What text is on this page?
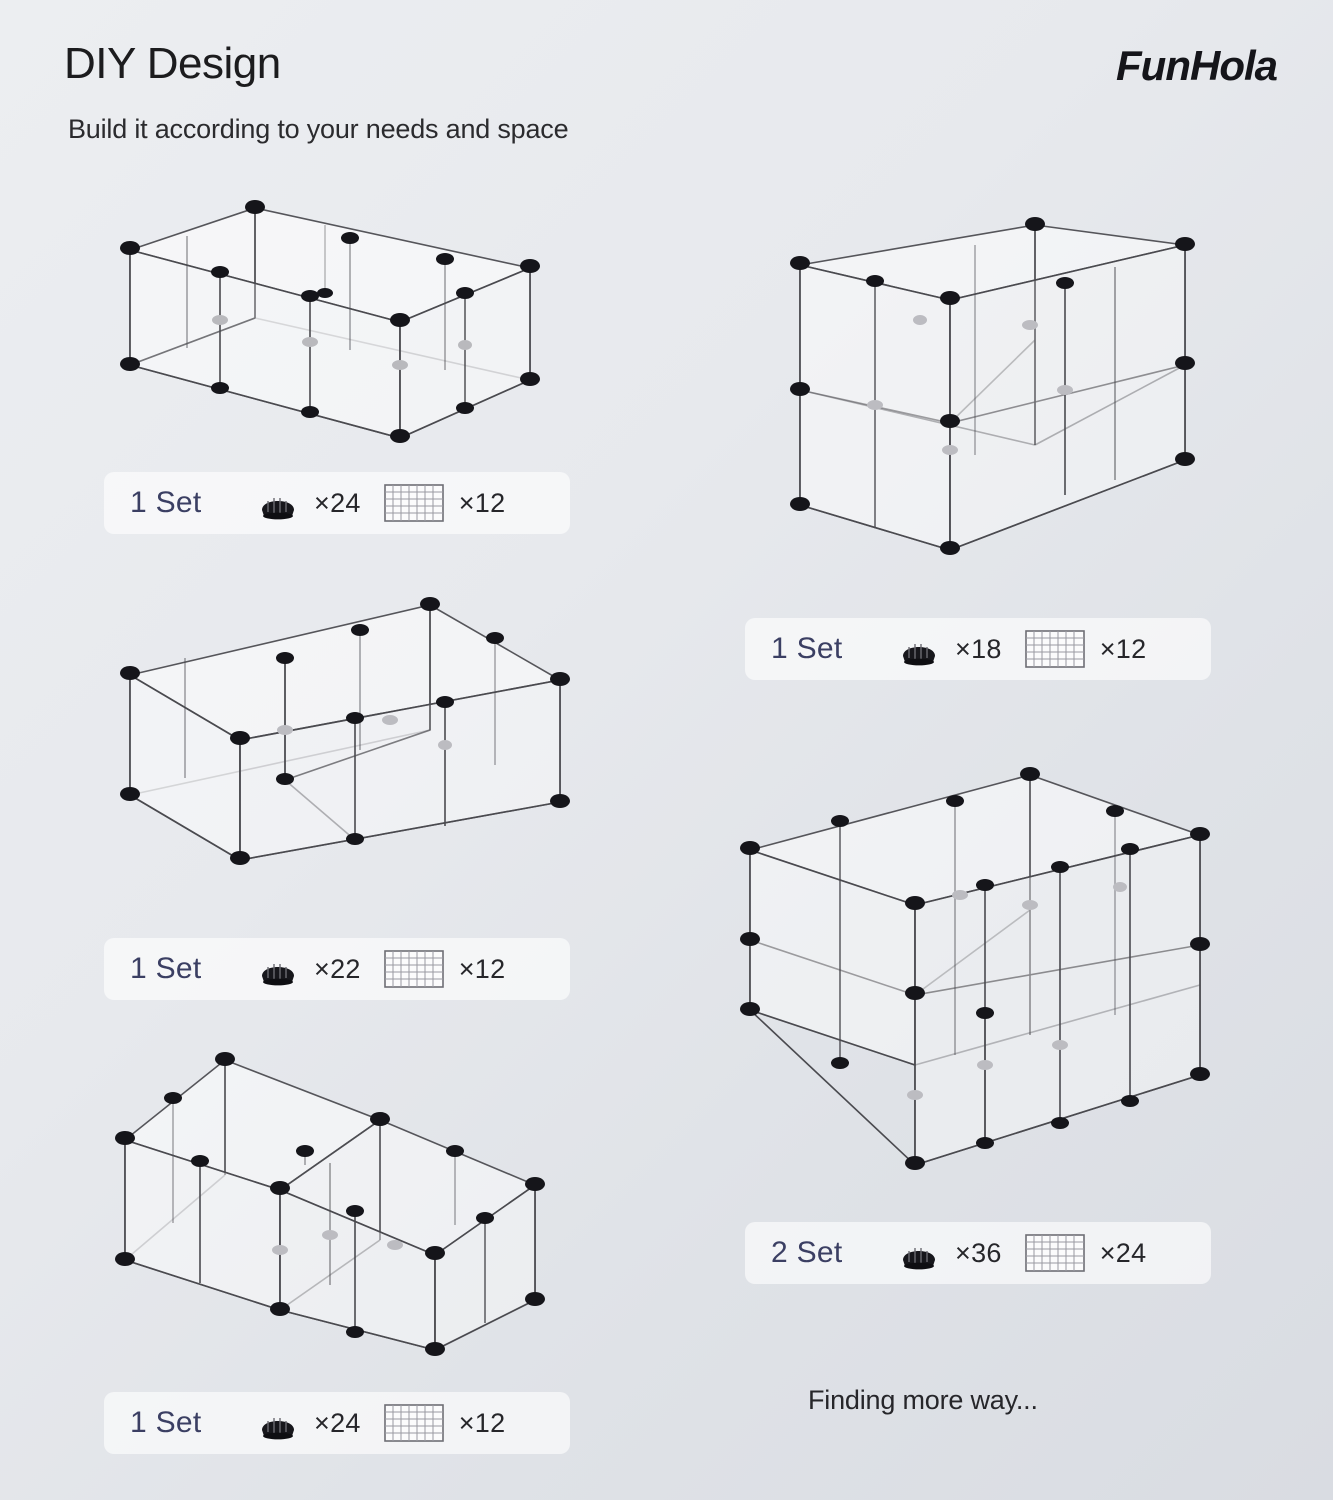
DIY Design
Build it according to your needs and space
FunHola
1 Set	×24	×12
1 Set	×18	×12
1 Set	×22	×12
2 Set	×36	×24
1 Set	×24	×12
Finding more way...
